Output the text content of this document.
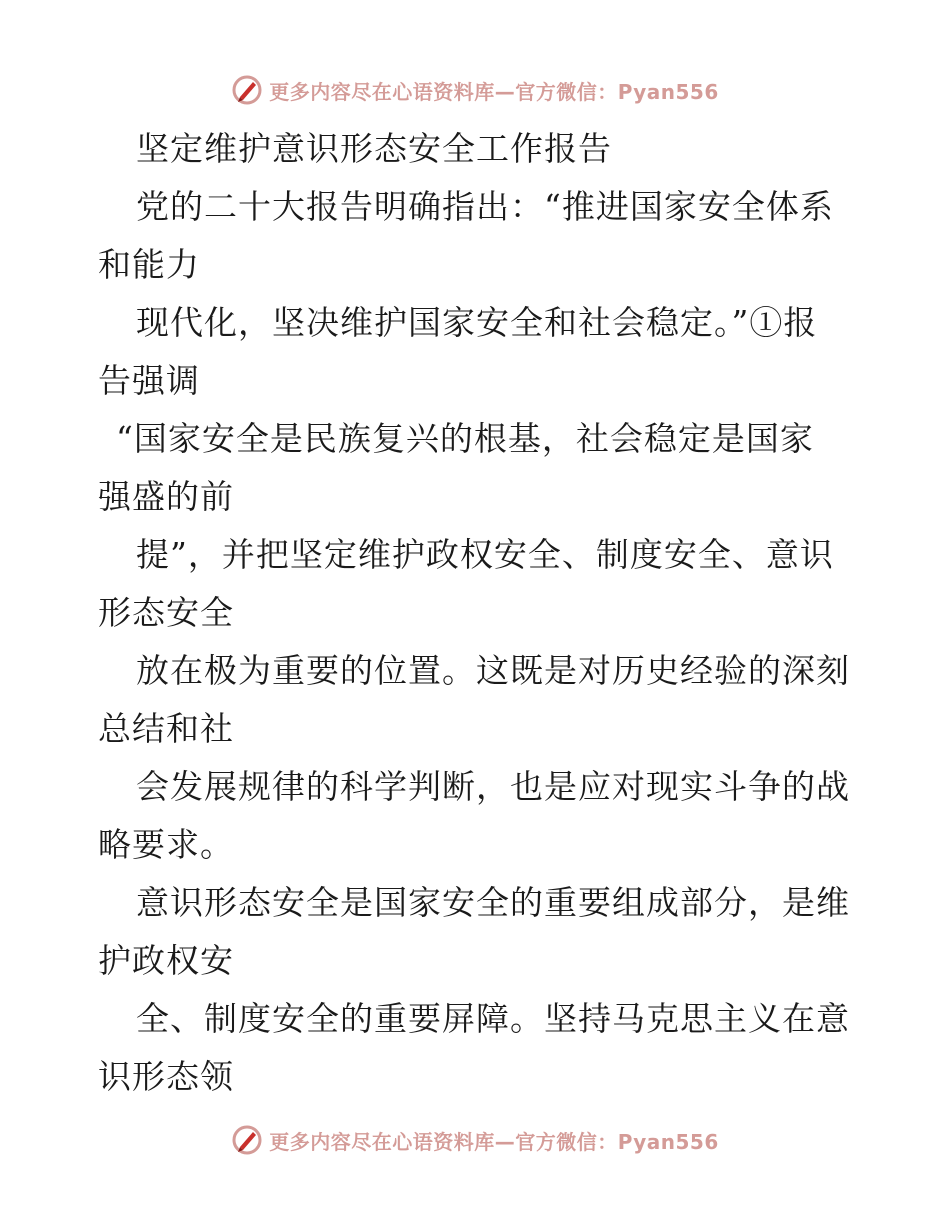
更多内容尽在心语资料库—官方微信：Pyan556
坚定维护意识形态安全工作报告
党的二十大报告明确指出：“推进国家安全体系
和能力
现代化，坚决维护国家安全和社会稳定。”①报
告强调
“国家安全是民族复兴的根基，社会稳定是国家
强盛的前
提”，并把坚定维护政权安全、制度安全、意识
形态安全
放在极为重要的位置。这既是对历史经验的深刻
总结和社
会发展规律的科学判断，也是应对现实斗争的战
略要求。
意识形态安全是国家安全的重要组成部分，是维
护政权安
全、制度安全的重要屏障。坚持马克思主义在意
识形态领
更多内容尽在心语资料库—官方微信：Pyan556
